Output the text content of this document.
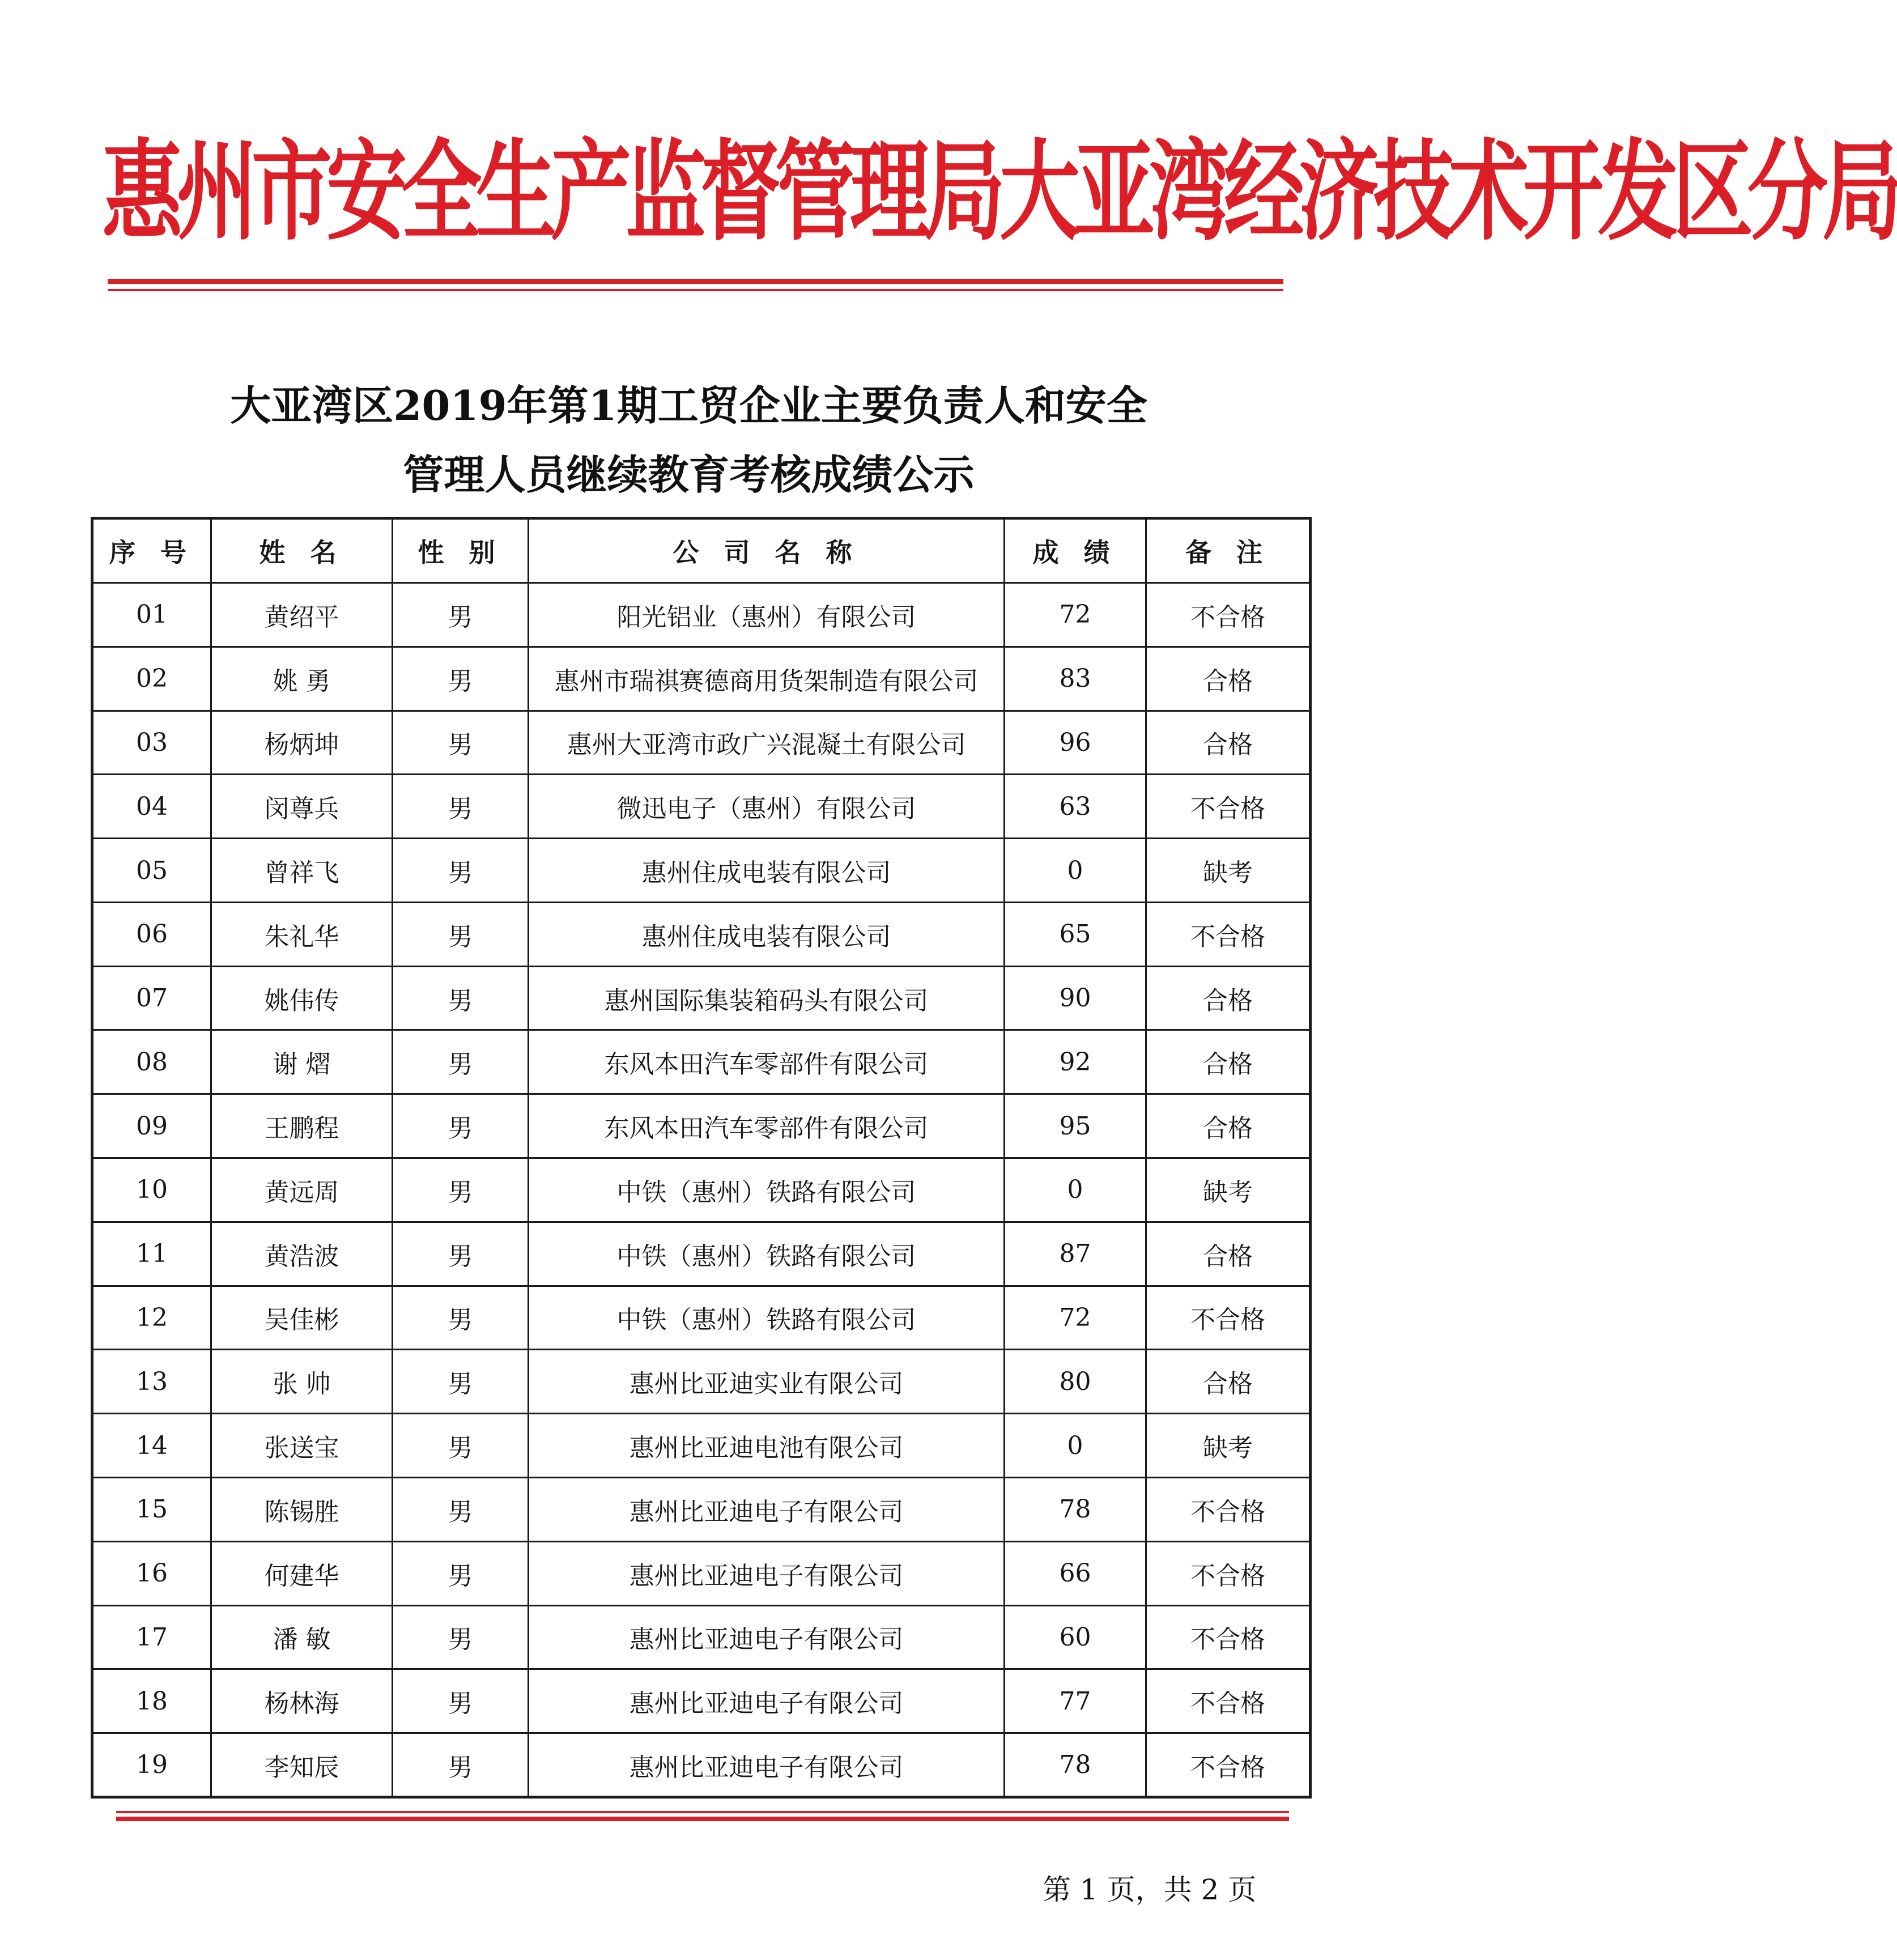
惠州市安全生产监督管理局大亚湾经济技术开发区分局
大亚湾区2019年第1期工贸企业主要负责人和安全
管理人员继续教育考核成绩公示
序 号	姓 名	性 别	公 司 名 称	成 绩	备 注
01	黄绍平	男	阳光铝业（惠州）有限公司	72	不合格
02	姚 勇	男	惠州市瑞祺赛德商用货架制造有限公司	83	合格
03	杨炳坤	男	惠州大亚湾市政广兴混凝土有限公司	96	合格
04	闵尊兵	男	微迅电子（惠州）有限公司	63	不合格
05	曾祥飞	男	惠州住成电装有限公司	0	缺考
06	朱礼华	男	惠州住成电装有限公司	65	不合格
07	姚伟传	男	惠州国际集装箱码头有限公司	90	合格
08	谢 熠	男	东风本田汽车零部件有限公司	92	合格
09	王鹏程	男	东风本田汽车零部件有限公司	95	合格
10	黄远周	男	中铁（惠州）铁路有限公司	0	缺考
11	黄浩波	男	中铁（惠州）铁路有限公司	87	合格
12	吴佳彬	男	中铁（惠州）铁路有限公司	72	不合格
13	张 帅	男	惠州比亚迪实业有限公司	80	合格
14	张送宝	男	惠州比亚迪电池有限公司	0	缺考
15	陈锡胜	男	惠州比亚迪电子有限公司	78	不合格
16	何建华	男	惠州比亚迪电子有限公司	66	不合格
17	潘 敏	男	惠州比亚迪电子有限公司	60	不合格
18	杨林海	男	惠州比亚迪电子有限公司	77	不合格
19	李知辰	男	惠州比亚迪电子有限公司	78	不合格
第 1 页，共 2 页
